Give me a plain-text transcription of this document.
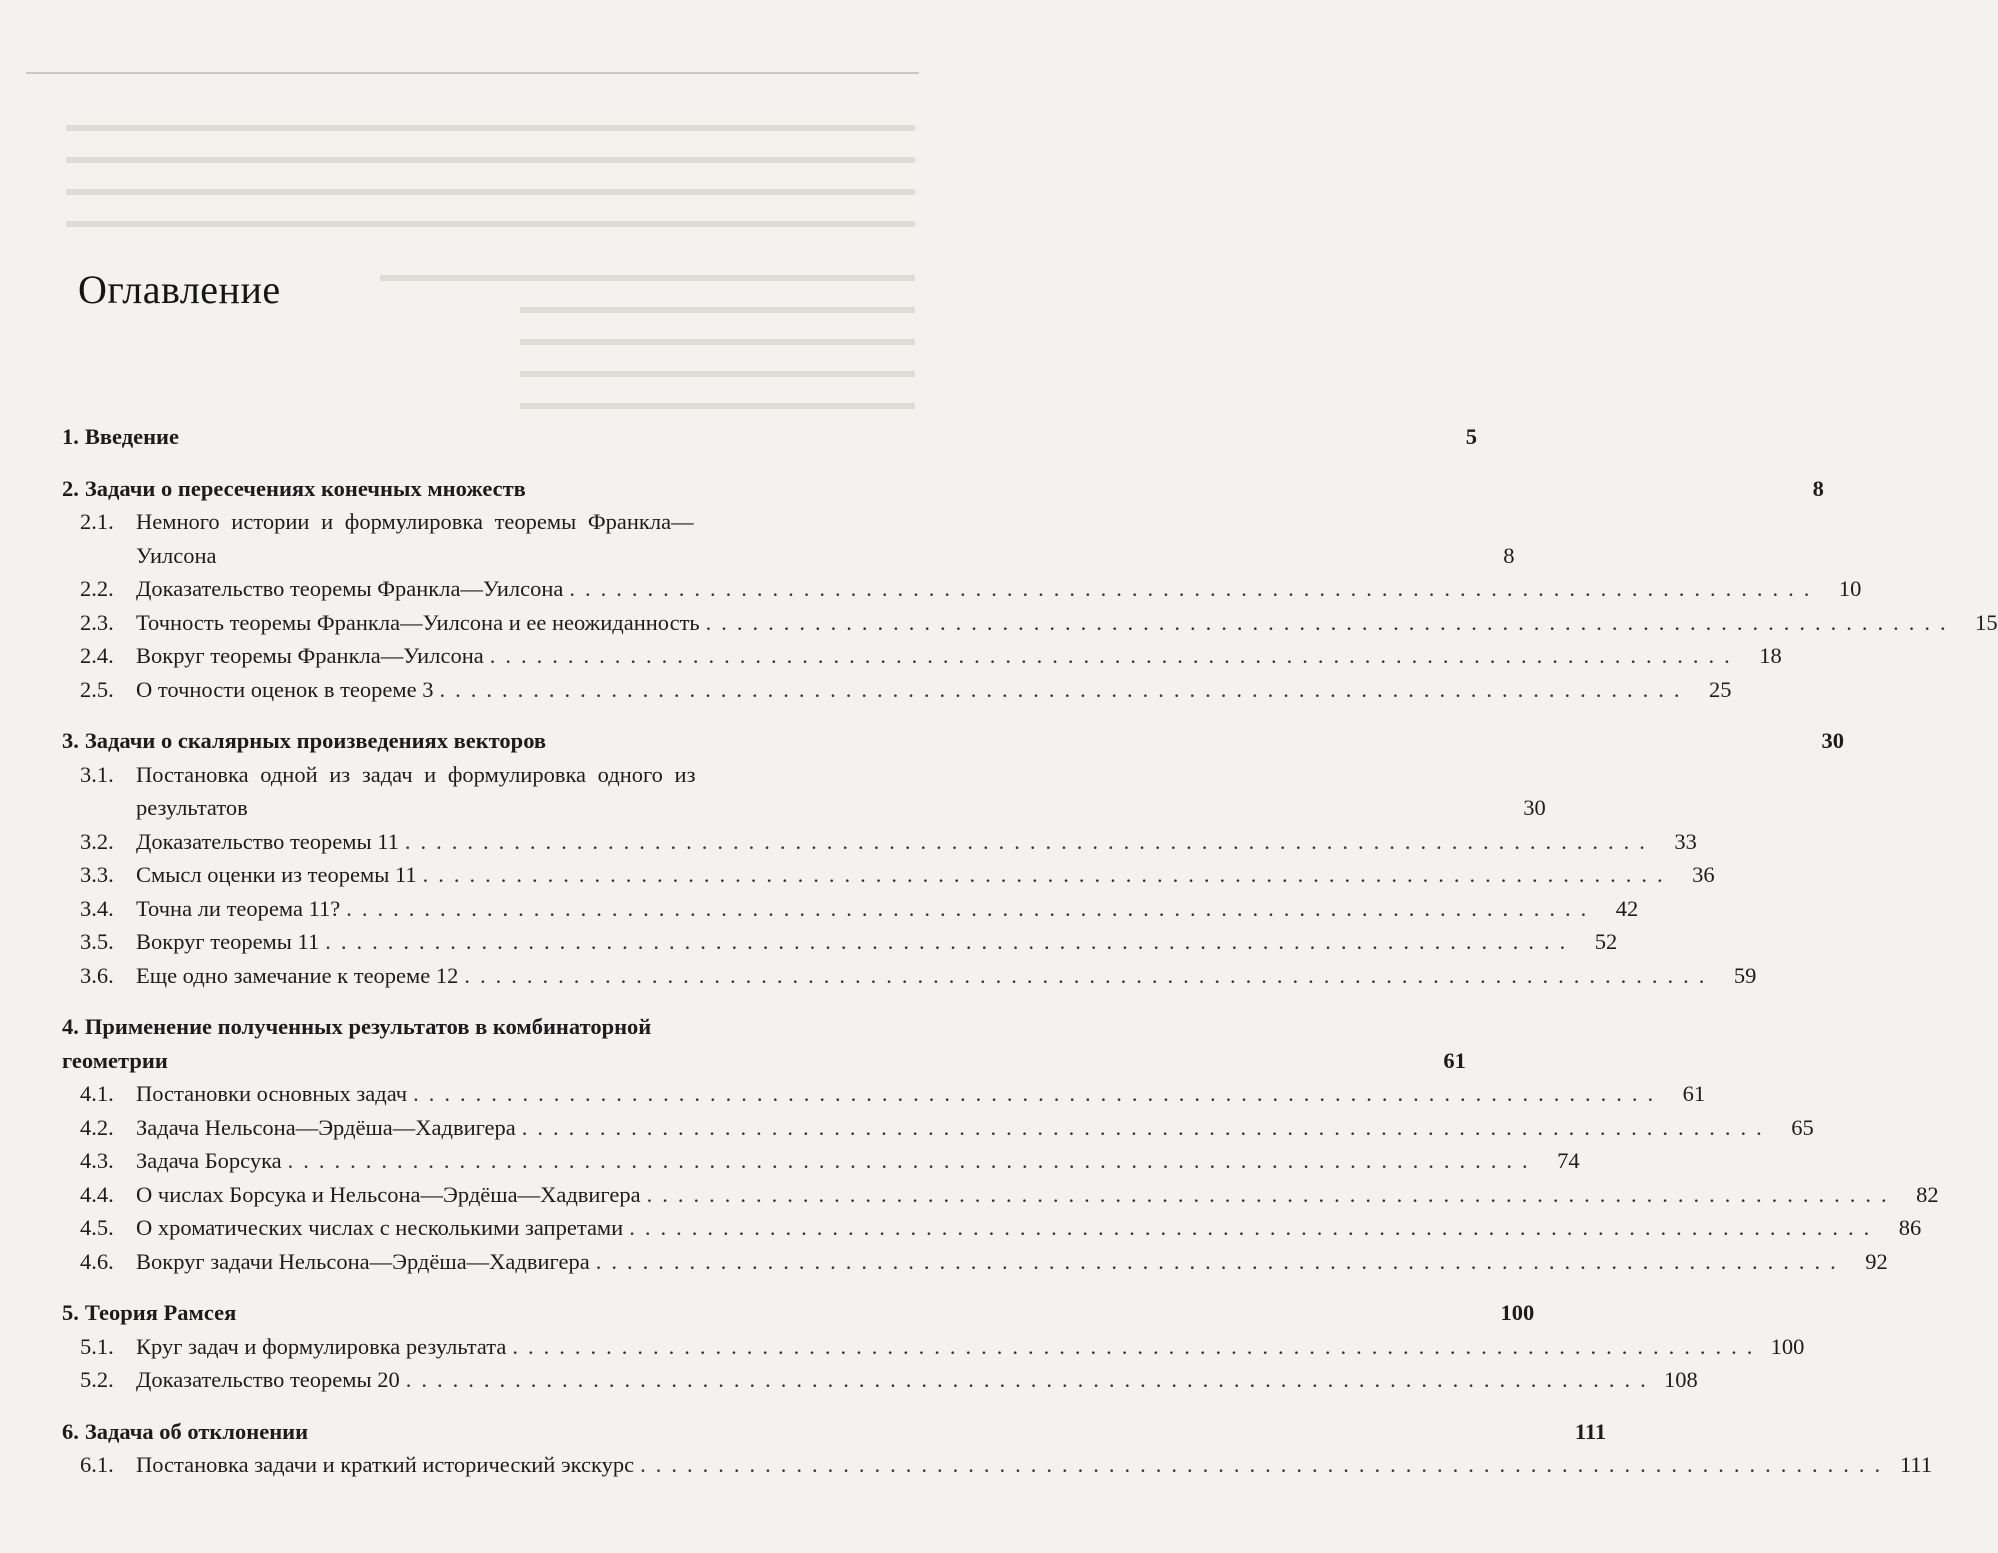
Оглавление
1. Введение	5
2. Задачи о пересечениях конечных множеств	8
2.1. Немного истории и формулировка теоремы Франкла—
Уилсона	8
2.2. Доказательство теоремы Франкла—Уилсона ................................................................................ 10
2.3. Точность теоремы Франкла—Уилсона и ее неожиданность ................................................................................ 15
2.4. Вокруг теоремы Франкла—Уилсона ................................................................................ 18
2.5. О точности оценок в теореме 3 ................................................................................ 25
3. Задачи о скалярных произведениях векторов	30
3.1. Постановка одной из задач и формулировка одного из
результатов	30
3.2. Доказательство теоремы 11 ................................................................................ 33
3.3. Смысл оценки из теоремы 11 ................................................................................ 36
3.4. Точна ли теорема 11? ................................................................................ 42
3.5. Вокруг теоремы 11 ................................................................................ 52
3.6. Еще одно замечание к теореме 12 ................................................................................ 59
4. Применение полученных результатов в комбинаторной
геометрии	61
4.1. Постановки основных задач ................................................................................ 61
4.2. Задача Нельсона—Эрдёша—Хадвигера ................................................................................ 65
4.3. Задача Борсука ................................................................................ 74
4.4. О числах Борсука и Нельсона—Эрдёша—Хадвигера ................................................................................ 82
4.5. О хроматических числах с несколькими запретами ................................................................................ 86
4.6. Вокруг задачи Нельсона—Эрдёша—Хадвигера ................................................................................ 92
5. Теория Рамсея	100
5.1. Круг задач и формулировка результата ................................................................................ 100
5.2. Доказательство теоремы 20 ................................................................................ 108
6. Задача об отклонении	111
6.1. Постановка задачи и краткий исторический экскурс ................................................................................ 111
